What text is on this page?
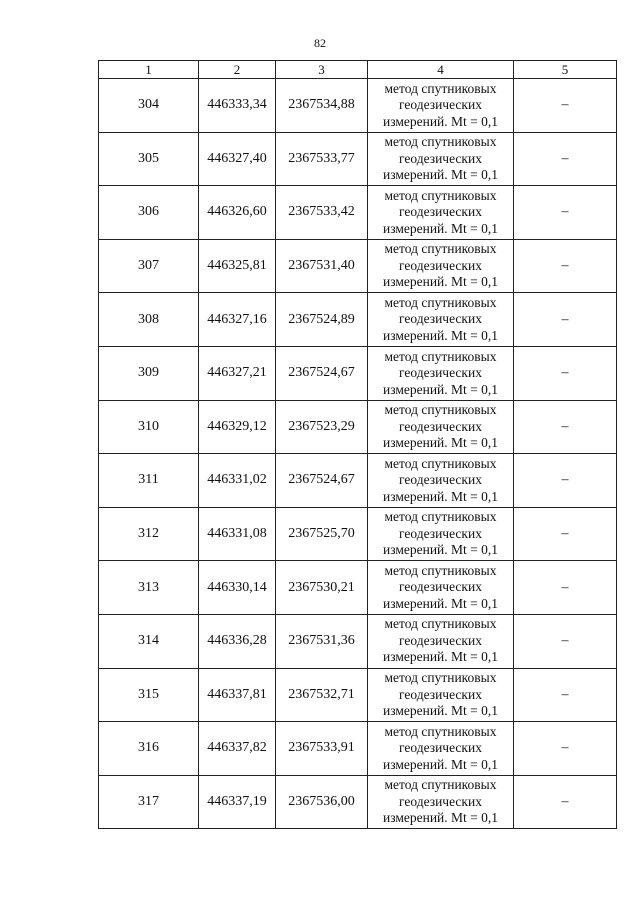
82
1	2	3	4	5
304	446333,34	2367534,88	метод спутниковых
геодезических
измерений. Mt = 0,1	–
305	446327,40	2367533,77	метод спутниковых
геодезических
измерений. Mt = 0,1	–
306	446326,60	2367533,42	метод спутниковых
геодезических
измерений. Mt = 0,1	–
307	446325,81	2367531,40	метод спутниковых
геодезических
измерений. Mt = 0,1	–
308	446327,16	2367524,89	метод спутниковых
геодезических
измерений. Mt = 0,1	–
309	446327,21	2367524,67	метод спутниковых
геодезических
измерений. Mt = 0,1	–
310	446329,12	2367523,29	метод спутниковых
геодезических
измерений. Mt = 0,1	–
311	446331,02	2367524,67	метод спутниковых
геодезических
измерений. Mt = 0,1	–
312	446331,08	2367525,70	метод спутниковых
геодезических
измерений. Mt = 0,1	–
313	446330,14	2367530,21	метод спутниковых
геодезических
измерений. Mt = 0,1	–
314	446336,28	2367531,36	метод спутниковых
геодезических
измерений. Mt = 0,1	–
315	446337,81	2367532,71	метод спутниковых
геодезических
измерений. Mt = 0,1	–
316	446337,82	2367533,91	метод спутниковых
геодезических
измерений. Mt = 0,1	–
317	446337,19	2367536,00	метод спутниковых
геодезических
измерений. Mt = 0,1	–
